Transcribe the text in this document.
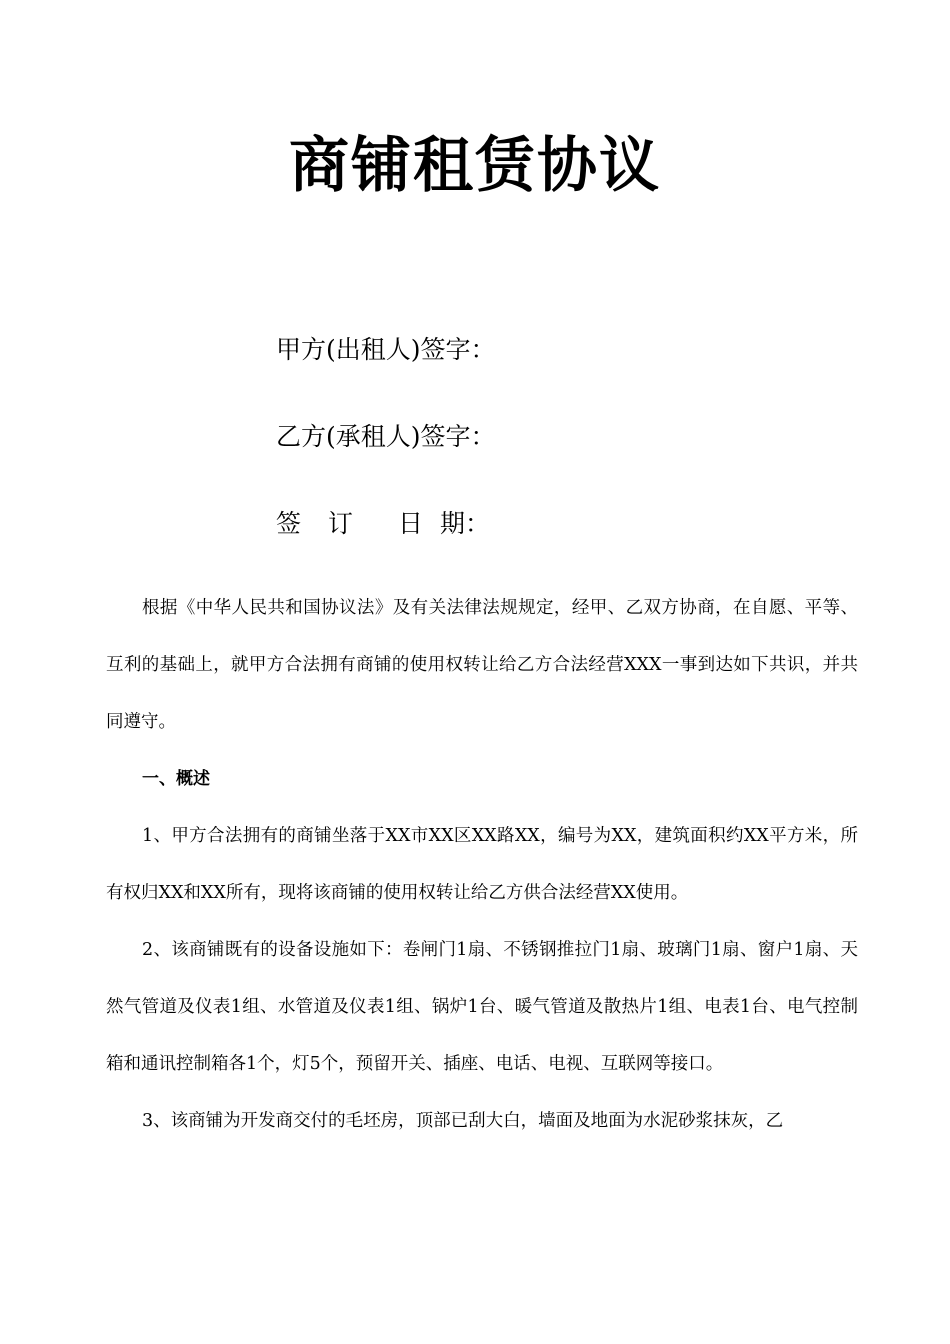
商铺租赁协议
甲方(出租人)签字：
乙方(承租人)签字：
签 订 日 期：

根据《中华人民共和国协议法》及有关法律法规规定，经甲、乙双方协商，在自愿、平等、互利的基础上，就甲方合法拥有商铺的使用权转让给乙方合法经营XXX一事到达如下共识，并共同遵守。

一、概述

1、甲方合法拥有的商铺坐落于XX市XX区XX路XX，编号为XX，建筑面积约XX平方米，所有权归XX和XX所有，现将该商铺的使用权转让给乙方供合法经营XX使用。

2、该商铺既有的设备设施如下：卷闸门1扇、不锈钢推拉门1扇、玻璃门1扇、窗户1扇、天然气管道及仪表1组、水管道及仪表1组、锅炉1台、暖气管道及散热片1组、电表1台、电气控制箱和通讯控制箱各1个，灯5个，预留开关、插座、电话、电视、互联网等接口。

3、该商铺为开发商交付的毛坯房，顶部已刮大白，墙面及地面为水泥砂浆抹灰，乙
